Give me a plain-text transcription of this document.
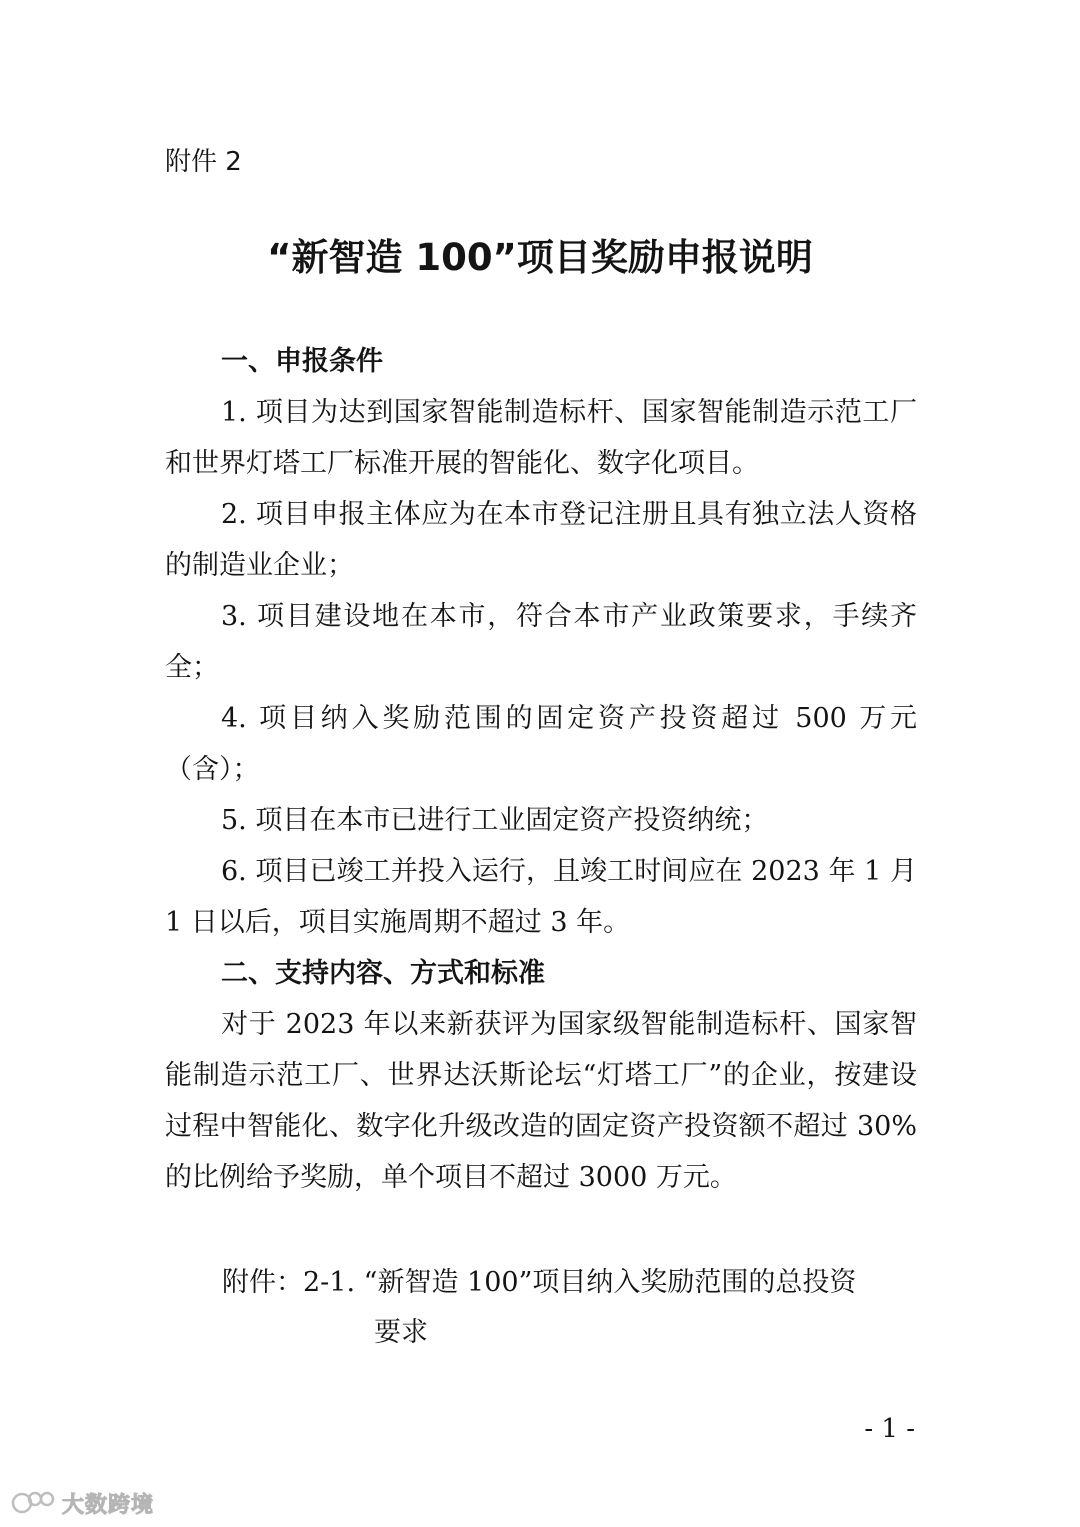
附件 2
“新智造 100”项目奖励申报说明
一、申报条件

1. 项目为达到国家智能制造标杆、国家智能制造示范工厂和世界灯塔工厂标准开展的智能化、数字化项目。

2. 项目申报主体应为在本市登记注册且具有独立法人资格的制造业企业；

3. 项目建设地在本市，符合本市产业政策要求，手续齐全；

4. 项目纳入奖励范围的固定资产投资超过 500 万元（含）；

5. 项目在本市已进行工业固定资产投资纳统；

6. 项目已竣工并投入运行，且竣工时间应在 2023 年 1 月 1 日以后，项目实施周期不超过 3 年。

二、支持内容、方式和标准

对于 2023 年以来新获评为国家级智能制造标杆、国家智能制造示范工厂、世界达沃斯论坛“灯塔工厂”的企业，按建设过程中智能化、数字化升级改造的固定资产投资额不超过 30%的比例给予奖励，单个项目不超过 3000 万元。

附件：2-1. “新智造 100”项目纳入奖励范围的总投资
要求
- 1 -
大数跨境
